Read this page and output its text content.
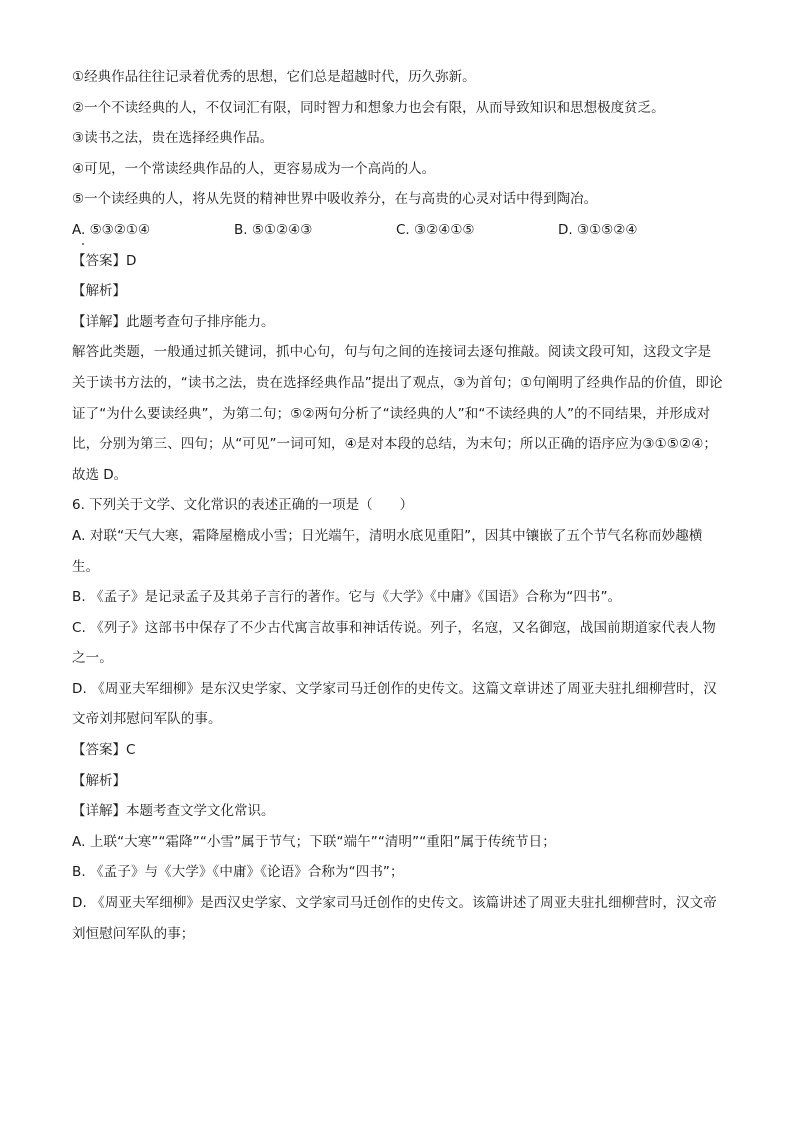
①经典作品往往记录着优秀的思想，它们总是超越时代，历久弥新。
②一个不读经典的人，不仅词汇有限，同时智力和想象力也会有限，从而导致知识和思想极度贫乏。
③读书之法，贵在选择经典作品。
④可见，一个常读经典作品的人，更容易成为一个高尚的人。
⑤一个读经典的人，将从先贤的精神世界中吸收养分，在与高贵的心灵对话中得到陶冶。
A. ⑤③②①④	B. ⑤①②④③	C. ③②④①⑤	D. ③①⑤②④
【答案】D
【解析】
【详解】此题考查句子排序能力。
解答此类题，一般通过抓关键词，抓中心句，句与句之间的连接词去逐句推敲。阅读文段可知，这段文字是关于读书方法的，“读书之法，贵在选择经典作品”提出了观点，③为首句；①句阐明了经典作品的价值，即论证了“为什么要读经典”，为第二句；⑤②两句分析了“读经典的人”和“不读经典的人”的不同结果，并形成对比，分别为第三、四句；从“可见”一词可知，④是对本段的总结，为末句；所以正确的语序应为③①⑤②④；
故选 D。
6. 下列关于文学、文化常识的表述正确的一项是（　　）
A. 对联“天气大寒，霜降屋檐成小雪；日光端午，清明水底见重阳”，因其中镶嵌了五个节气名称而妙趣横生。
B. 《孟子》是记录孟子及其弟子言行的著作。它与《大学》《中庸》《国语》合称为“四书”。
C. 《列子》这部书中保存了不少古代寓言故事和神话传说。列子，名寇，又名御寇，战国前期道家代表人物之一。
D. 《周亚夫军细柳》是东汉史学家、文学家司马迁创作的史传文。这篇文章讲述了周亚夫驻扎细柳营时，汉文帝刘邦慰问军队的事。
【答案】C
【解析】
【详解】本题考查文学文化常识。
A. 上联“大寒”“霜降”“小雪”属于节气；下联“端午”“清明”“重阳”属于传统节日；
B. 《孟子》与《大学》《中庸》《论语》合称为“四书”；
D. 《周亚夫军细柳》是西汉史学家、文学家司马迁创作的史传文。该篇讲述了周亚夫驻扎细柳营时，汉文帝刘恒慰问军队的事；
